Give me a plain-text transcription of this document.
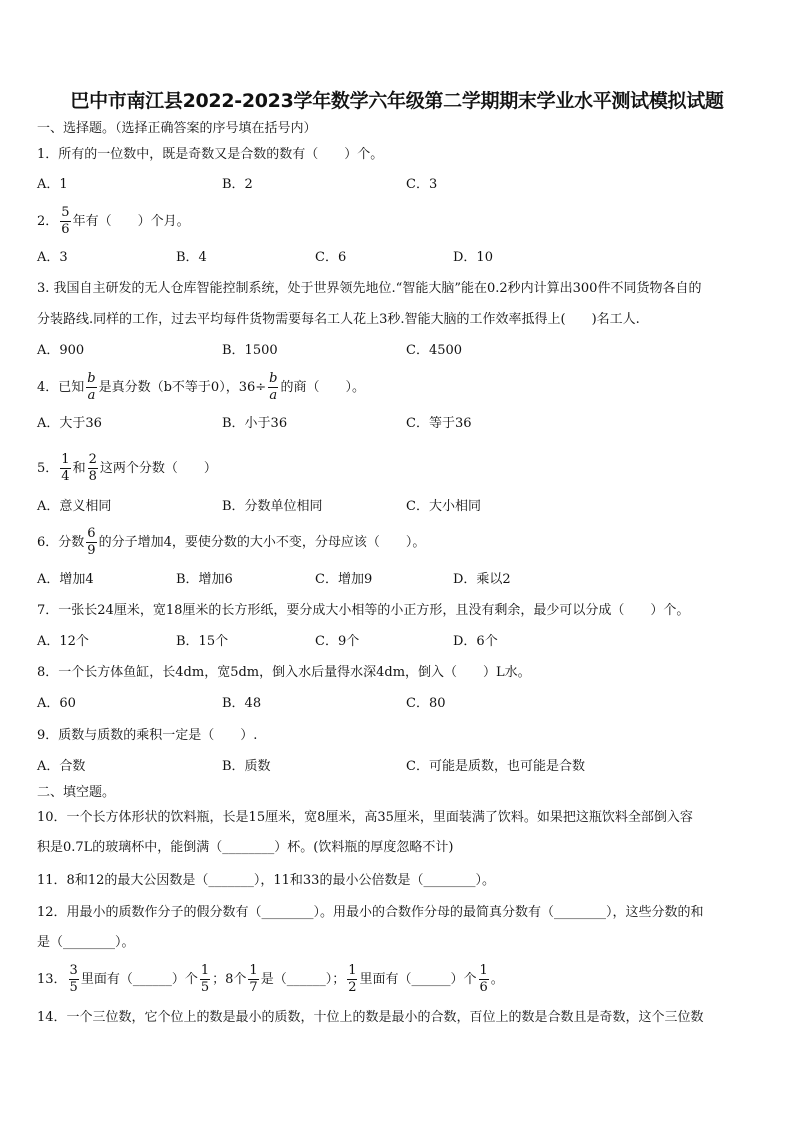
巴中市南江县2022-2023学年数学六年级第二学期期末学业水平测试模拟试题
一、选择题。（选择正确答案的序号填在括号内）
1．所有的一位数中，既是奇数又是合数的数有（　　）个。
A．1	B．2	C．3
2． $\frac{5}{6}$ 年有（　　）个月。
A．3	B．4	C．6	D．10
3. 我国自主研发的无人仓库智能控制系统，处于世界领先地位.“智能大脑”能在0.2秒内计算出300件不同货物各自的
分装路线.同样的工作，过去平均每件货物需要每名工人花上3秒.智能大脑的工作效率抵得上(　　)名工人.
A．900	B．1500	C．4500
4．已知 $\frac{b}{a}$ 是真分数（b不等于0），$36\div \frac{b}{a}$ 的商（　　）。
A．大于36	B．小于36	C．等于36
5． $\frac{1}{4}$ 和 $\frac{2}{8}$ 这两个分数（　　）
A．意义相同	B．分数单位相同	C．大小相同
6．分数 $\frac{6}{9}$ 的分子增加4，要使分数的大小不变，分母应该（　　）。
A．增加4	B．增加6	C．增加9	D．乘以2
7．一张长24厘米，宽18厘米的长方形纸，要分成大小相等的小正方形，且没有剩余，最少可以分成（　　）个。
A．12个	B．15个	C．9个	D．6个
8．一个长方体鱼缸，长4dm，宽5dm，倒入水后量得水深4dm，倒入（　　）L水。
A．60	B．48	C．80
9．质数与质数的乘积一定是（　　）.
A．合数	B．质数	C．可能是质数，也可能是合数
二、填空题。
10．一个长方体形状的饮料瓶，长是15厘米，宽8厘米，高35厘米，里面装满了饮料。如果把这瓶饮料全部倒入容
积是0.7L的玻璃杯中，能倒满（________）杯。(饮料瓶的厚度忽略不计)
11．8和12的最大公因数是（_______），11和33的最小公倍数是（________）。
12．用最小的质数作分子的假分数有（________）。用最小的合数作分母的最简真分数有（________），这些分数的和
是（________）。
13． $\frac{3}{5}$ 里面有（______）个 $\frac{1}{5}$ ；8个 $\frac{1}{7}$ 是（______）； $\frac{1}{2}$ 里面有（______）个 $\frac{1}{6}$ 。
14．一个三位数，它个位上的数是最小的质数，十位上的数是最小的合数，百位上的数是合数且是奇数，这个三位数
